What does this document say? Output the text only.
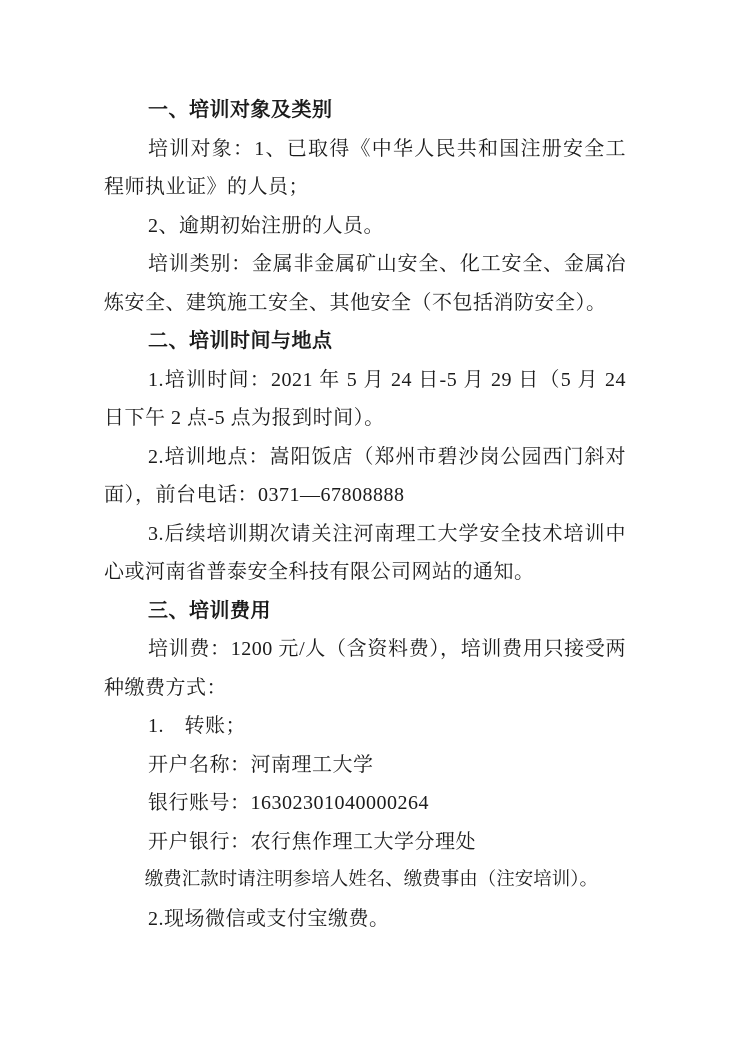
一、培训对象及类别

培训对象：1、已取得《中华人民共和国注册安全工程师执业证》的人员；

2、逾期初始注册的人员。

培训类别：金属非金属矿山安全、化工安全、金属冶炼安全、建筑施工安全、其他安全（不包括消防安全）。

二、培训时间与地点

1.培训时间：2021 年 5 月 24 日-5 月 29 日（5 月 24 日下午 2 点-5 点为报到时间）。

2.培训地点：嵩阳饭店（郑州市碧沙岗公园西门斜对面），前台电话：0371—67808888

3.后续培训期次请关注河南理工大学安全技术培训中心或河南省普泰安全科技有限公司网站的通知。

三、培训费用

培训费：1200 元/人（含资料费），培训费用只接受两种缴费方式：

1.　转账；

开户名称：河南理工大学

银行账号：16302301040000264

开户银行：农行焦作理工大学分理处

缴费汇款时请注明参培人姓名、缴费事由（注安培训）。

2.现场微信或支付宝缴费。
